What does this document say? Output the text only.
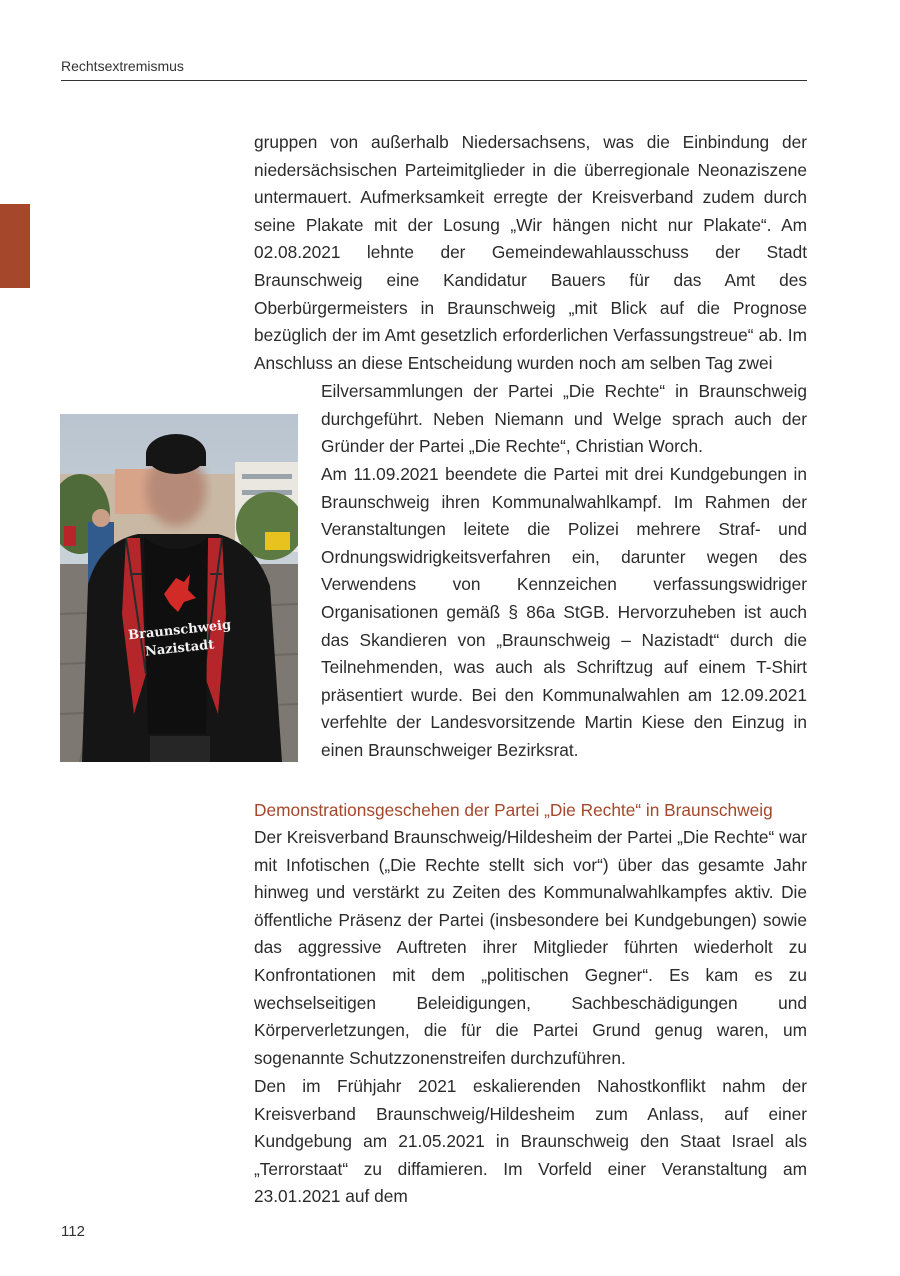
Rechtsextremismus

gruppen von außerhalb Niedersachsens, was die Einbindung der niedersächsischen Parteimitglieder in die überregionale Neonaziszene untermauert. Aufmerksamkeit erregte der Kreisverband zudem durch seine Plakate mit der Losung „Wir hängen nicht nur Plakate“. Am 02.08.2021 lehnte der Gemeindewahlausschuss der Stadt Braunschweig eine Kandidatur Bauers für das Amt des Oberbürgermeisters in Braunschweig „mit Blick auf die Prognose bezüglich der im Amt gesetzlich erforderlichen Verfassungstreue“ ab. Im Anschluss an diese Entscheidung wurden noch am selben Tag zwei

Eilversammlungen der Partei „Die Rechte“ in Braunschweig durchgeführt. Neben Niemann und Welge sprach auch der Gründer der Partei „Die Rechte“, Christian Worch.

Am 11.09.2021 beendete die Partei mit drei Kundgebungen in Braunschweig ihren Kommunalwahlkampf. Im Rahmen der Veranstaltungen leitete die Polizei mehrere Straf- und Ordnungswidrigkeitsverfahren ein, darunter wegen des Verwendens von Kennzeichen verfassungswidriger Organisationen gemäß § 86a StGB. Hervorzuheben ist auch das Skandieren von „Braunschweig – Nazistadt“ durch die Teilnehmenden, was auch als Schriftzug auf einem T-Shirt präsentiert wurde. Bei den Kommunalwahlen am 12.09.2021 verfehlte der Landesvorsitzende Martin Kiese den Einzug in einen Braunschweiger Bezirksrat.

Braunschweig
Nazistadt
Demonstrationsgeschehen der Partei „Die Rechte“ in Braunschweig

Der Kreisverband Braunschweig/Hildesheim der Partei „Die Rechte“ war mit Infotischen („Die Rechte stellt sich vor“) über das gesamte Jahr hinweg und verstärkt zu Zeiten des Kommunalwahlkampfes aktiv. Die öffentliche Präsenz der Partei (insbesondere bei Kundgebungen) sowie das aggressive Auftreten ihrer Mitglieder führten wiederholt zu Konfrontationen mit dem „politischen Gegner“. Es kam es zu wechselseitigen Beleidigungen, Sachbeschädigungen und Körperverletzungen, die für die Partei Grund genug waren, um sogenannte Schutzzonenstreifen durchzuführen.

Den im Frühjahr 2021 eskalierenden Nahostkonflikt nahm der Kreisverband Braunschweig/Hildesheim zum Anlass, auf einer Kundgebung am 21.05.2021 in Braunschweig den Staat Israel als „Terrorstaat“ zu diffamieren. Im Vorfeld einer Veranstaltung am 23.01.2021 auf dem

112
